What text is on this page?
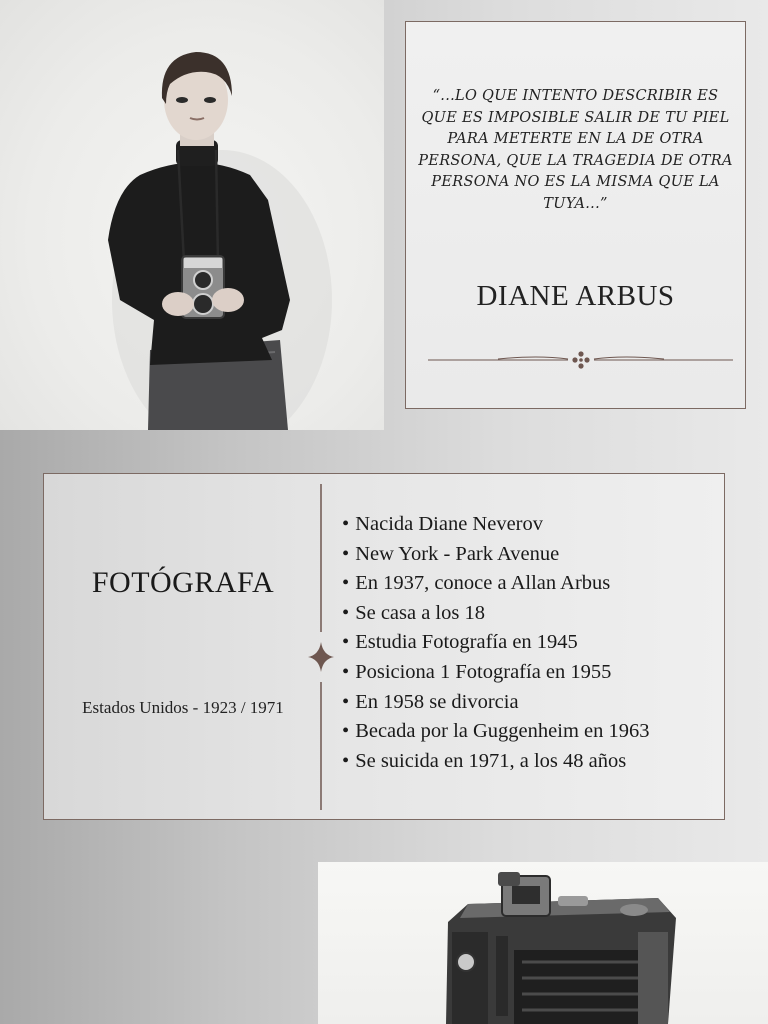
“...LO QUE INTENTO DESCRIBIR ES QUE ES IMPOSIBLE SALIR DE TU PIEL PARA METERTE EN LA DE OTRA PERSONA, QUE LA TRAGEDIA DE OTRA PERSONA NO ES LA MISMA QUE LA TUYA...”
DIANE ARBUS
FOTÓGRAFA
Estados Unidos - 1923 / 1971
• Nacida Diane Neverov
• New York - Park Avenue
• En 1937, conoce a Allan Arbus
• Se casa a los 18
• Estudia Fotografía en 1945
• Posiciona 1 Fotografía en 1955
• En 1958 se divorcia
• Becada por la Guggenheim en 1963
• Se suicida en 1971, a los 48 años
